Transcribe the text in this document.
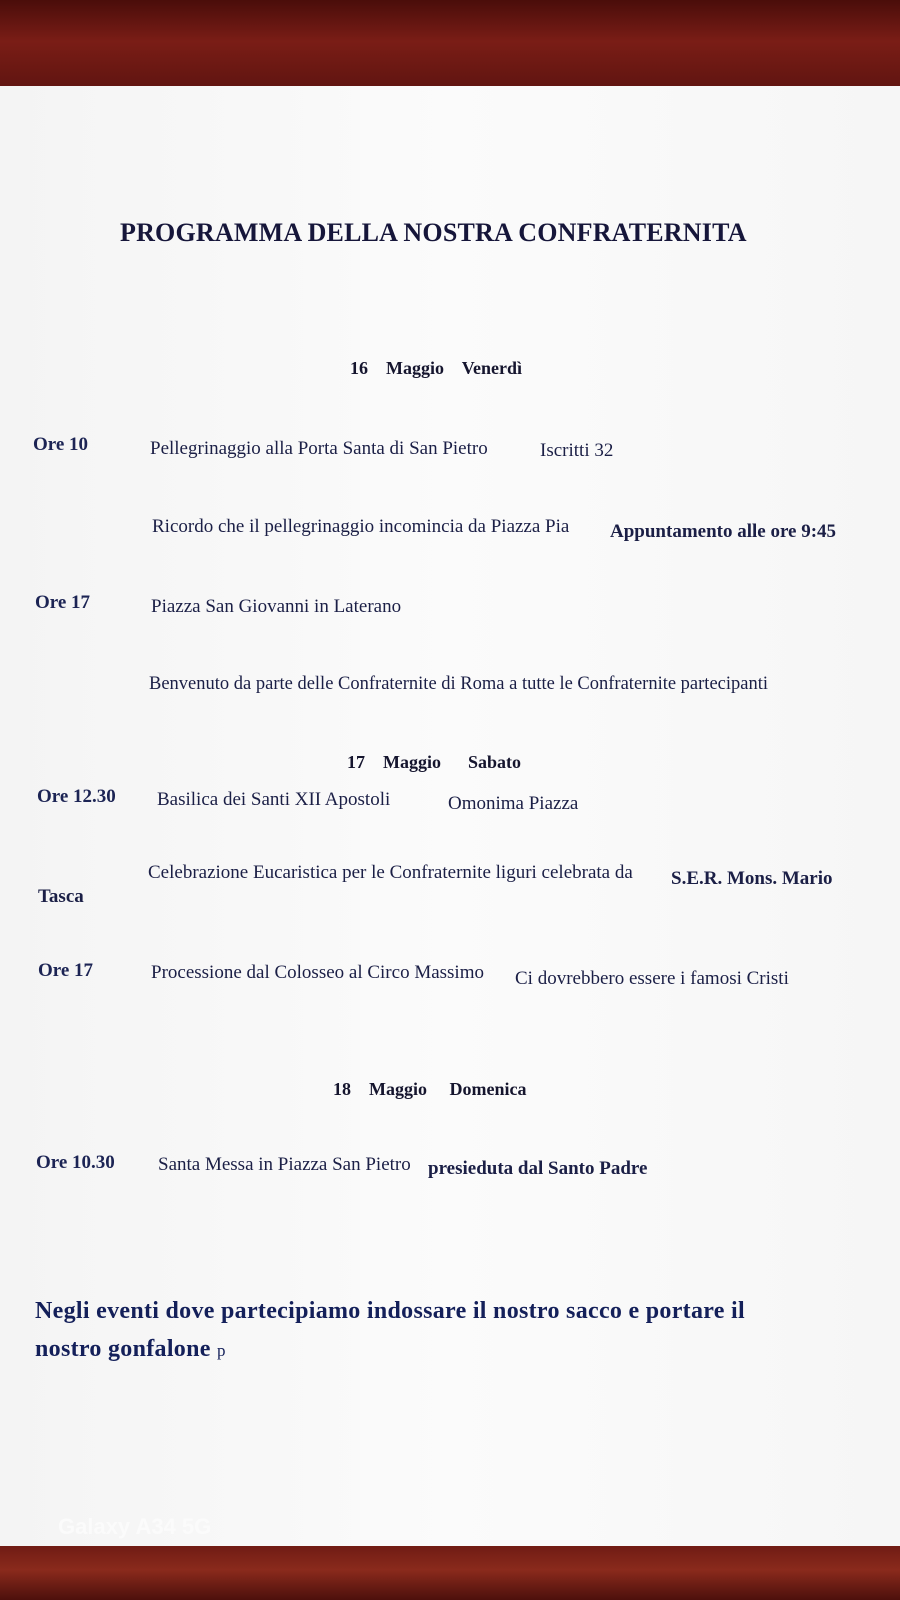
PROGRAMMA DELLA NOSTRA CONFRATERNITA
16 Maggio Venerdì
Ore 10	Pellegrinaggio alla Porta Santa di San Pietro	Iscritti 32
Ricordo che il pellegrinaggio incomincia da Piazza Pia Appuntamento alle ore 9:45
Ore 17	Piazza San Giovanni in Laterano
Benvenuto da parte delle Confraternite di Roma a tutte le Confraternite partecipanti
17 Maggio Sabato
Ore 12.30 Basilica dei Santi XII Apostoli	Omonima Piazza
Celebrazione Eucaristica per le Confraternite liguri celebrata da S.E.R. Mons. Mario
Tasca
Ore 17	Processione dal Colosseo al Circo Massimo Ci dovrebbero essere i famosi Cristi
18 Maggio Domenica
Ore 10.30 Santa Messa in Piazza San Pietro presieduta dal Santo Padre
Negli eventi dove partecipiamo indossare il nostro sacco e portare il
nostro gonfalone p
Galaxy A34 5G
